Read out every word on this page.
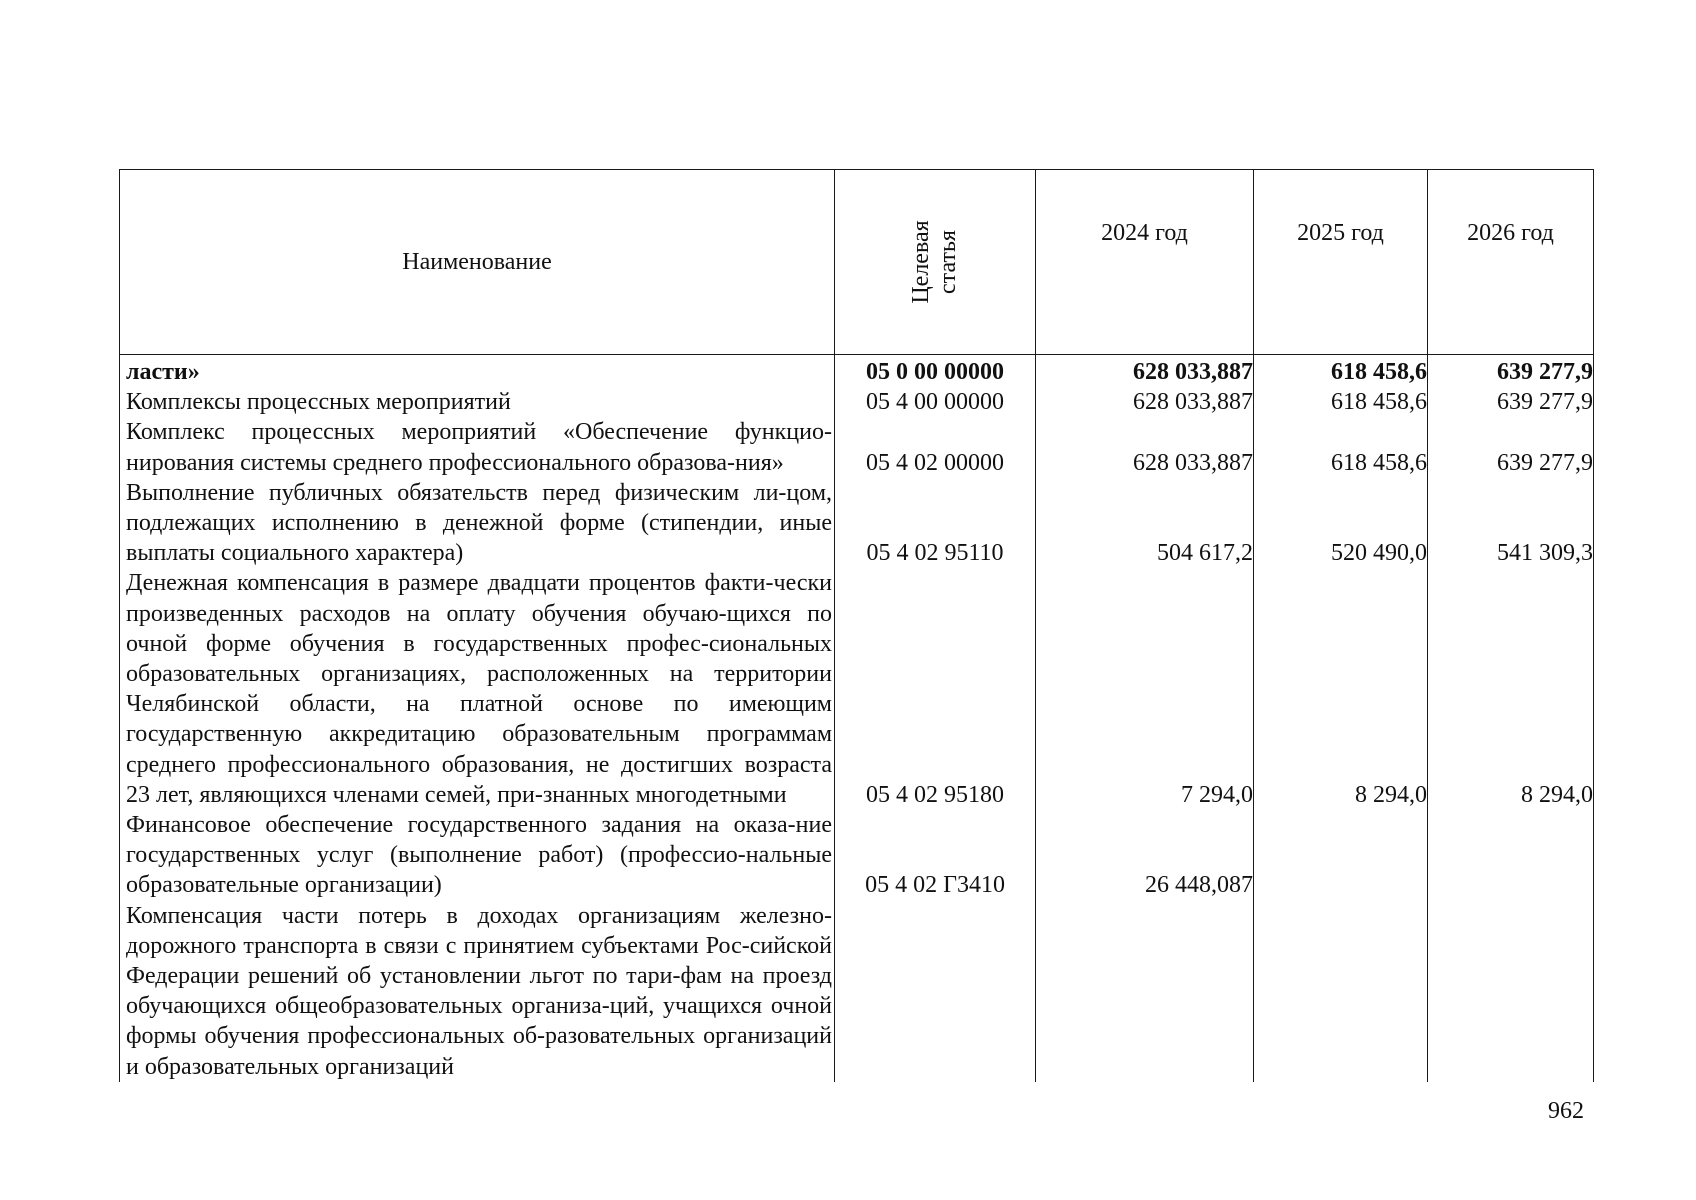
Наименование	Целевая статья	2024 год	2025 год	2026 год
ласти»	05 0 00 00000	628 033,887	618 458,6	639 277,9
Комплексы процессных мероприятий	05 4 00 00000	628 033,887	618 458,6	639 277,9
Комплекс процессных мероприятий «Обеспечение функцио-нирования системы среднего профессионального образова-ния»	05 4 02 00000	628 033,887	618 458,6	639 277,9
Выполнение публичных обязательств перед физическим ли-цом, подлежащих исполнению в денежной форме (стипендии, иные выплаты социального характера)	05 4 02 95110	504 617,2	520 490,0	541 309,3
Денежная компенсация в размере двадцати процентов факти-чески произведенных расходов на оплату обучения обучаю-щихся по очной форме обучения в государственных профес-сиональных образовательных организациях, расположенных на территории Челябинской области, на платной основе по имеющим государственную аккредитацию образовательным программам среднего профессионального образования, не достигших возраста 23 лет, являющихся членами семей, при-знанных многодетными	05 4 02 95180	7 294,0	8 294,0	8 294,0
Финансовое обеспечение государственного задания на оказа-ние государственных услуг (выполнение работ) (профессио-нальные образовательные организации)	05 4 02 Г3410	26 448,087		
Компенсация части потерь в доходах организациям железно-дорожного транспорта в связи с принятием субъектами Рос-сийской Федерации решений об установлении льгот по тари-фам на проезд обучающихся общеобразовательных организа-ций, учащихся очной формы обучения профессиональных об-разовательных организаций и образовательных организаций				
962
